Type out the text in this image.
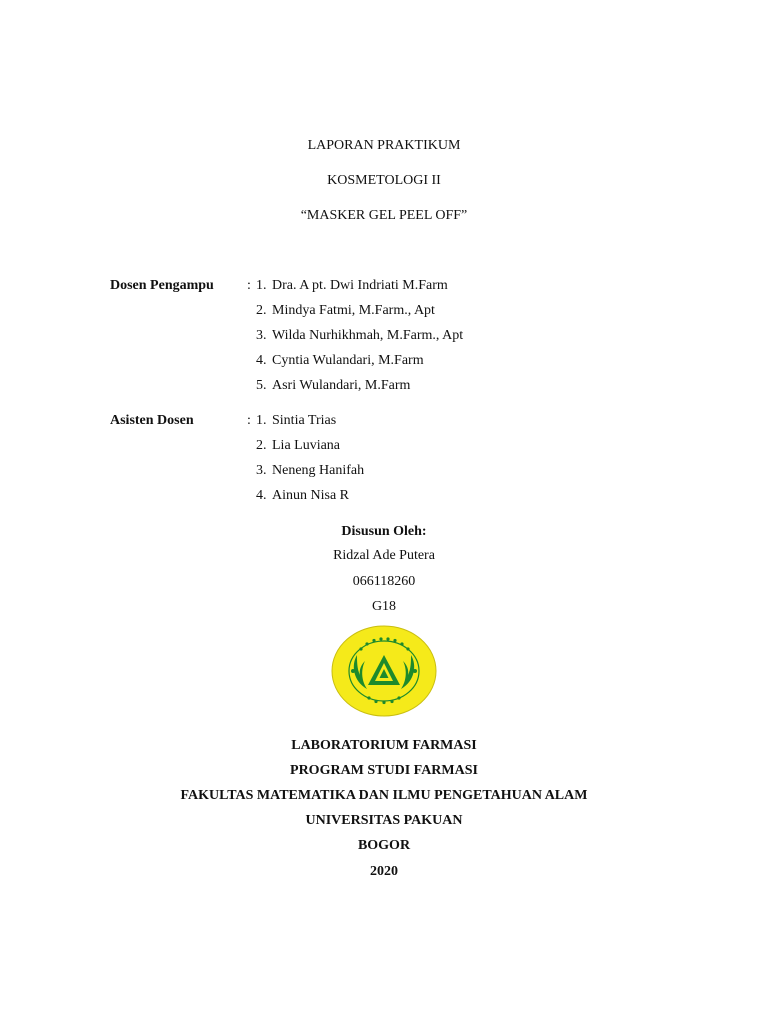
LAPORAN PRAKTIKUM
KOSMETOLOGI II
“MASKER GEL PEEL OFF”
Dosen Pengampu : 1. Dra. A pt. Dwi Indriati M.Farm
2. Mindya Fatmi, M.Farm., Apt
3. Wilda Nurhikhmah, M.Farm., Apt
4. Cyntia Wulandari, M.Farm
5. Asri Wulandari, M.Farm
Asisten Dosen	: 1. Sintia Trias
2. Lia Luviana
3. Neneng Hanifah
4. Ainun Nisa R
Disusun Oleh:
Ridzal Ade Putera
066118260
G18
LABORATORIUM FARMASI
PROGRAM STUDI FARMASI
FAKULTAS MATEMATIKA DAN ILMU PENGETAHUAN ALAM
UNIVERSITAS PAKUAN
BOGOR
2020
